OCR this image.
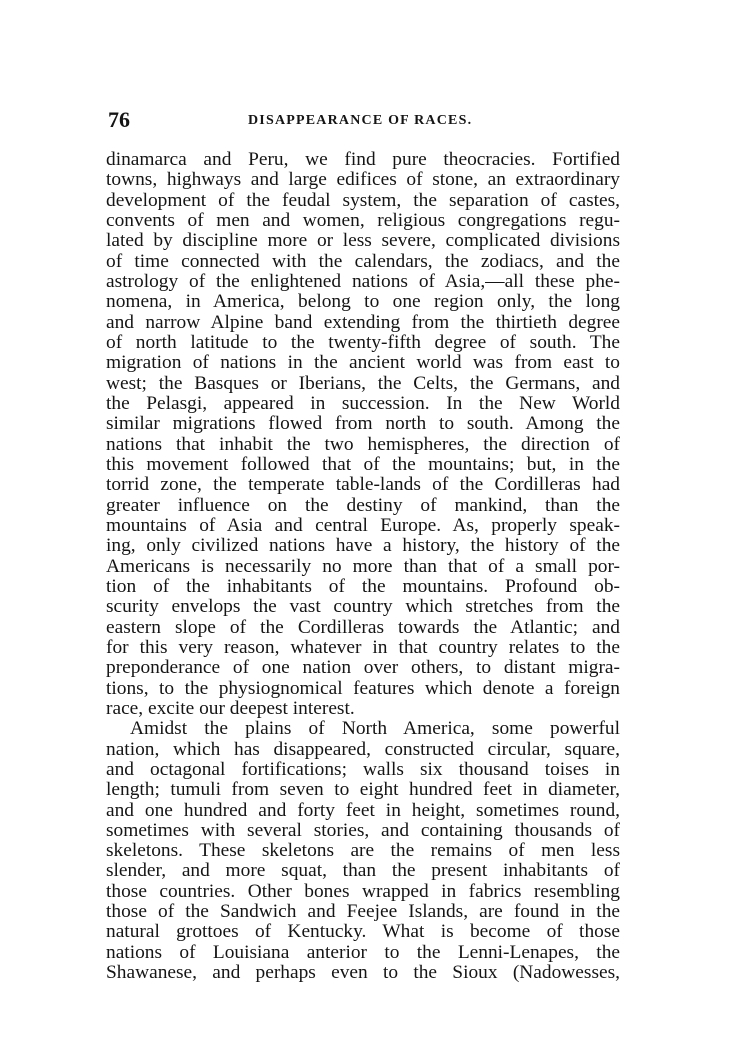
76	DISAPPEARANCE OF RACES.
dinamarca and Peru, we find pure theocracies. Fortified
towns, highways and large edifices of stone, an extraordinary
development of the feudal system, the separation of castes,
convents of men and women, religious congregations regu-
lated by discipline more or less severe, complicated divisions
of time connected with the calendars, the zodiacs, and the
astrology of the enlightened nations of Asia,—all these phe-
nomena, in America, belong to one region only, the long
and narrow Alpine band extending from the thirtieth degree
of north latitude to the twenty-fifth degree of south. The
migration of nations in the ancient world was from east to
west; the Basques or Iberians, the Celts, the Germans, and
the Pelasgi, appeared in succession. In the New World
similar migrations flowed from north to south. Among the
nations that inhabit the two hemispheres, the direction of
this movement followed that of the mountains; but, in the
torrid zone, the temperate table-lands of the Cordilleras had
greater influence on the destiny of mankind, than the
mountains of Asia and central Europe. As, properly speak-
ing, only civilized nations have a history, the history of the
Americans is necessarily no more than that of a small por-
tion of the inhabitants of the mountains. Profound ob-
scurity envelops the vast country which stretches from the
eastern slope of the Cordilleras towards the Atlantic; and
for this very reason, whatever in that country relates to the
preponderance of one nation over others, to distant migra-
tions, to the physiognomical features which denote a foreign
race, excite our deepest interest.
Amidst the plains of North America, some powerful
nation, which has disappeared, constructed circular, square,
and octagonal fortifications; walls six thousand toises in
length; tumuli from seven to eight hundred feet in diameter,
and one hundred and forty feet in height, sometimes round,
sometimes with several stories, and containing thousands of
skeletons. These skeletons are the remains of men less
slender, and more squat, than the present inhabitants of
those countries. Other bones wrapped in fabrics resembling
those of the Sandwich and Feejee Islands, are found in the
natural grottoes of Kentucky. What is become of those
nations of Louisiana anterior to the Lenni-Lenapes, the
Shawanese, and perhaps even to the Sioux (Nadowesses,
